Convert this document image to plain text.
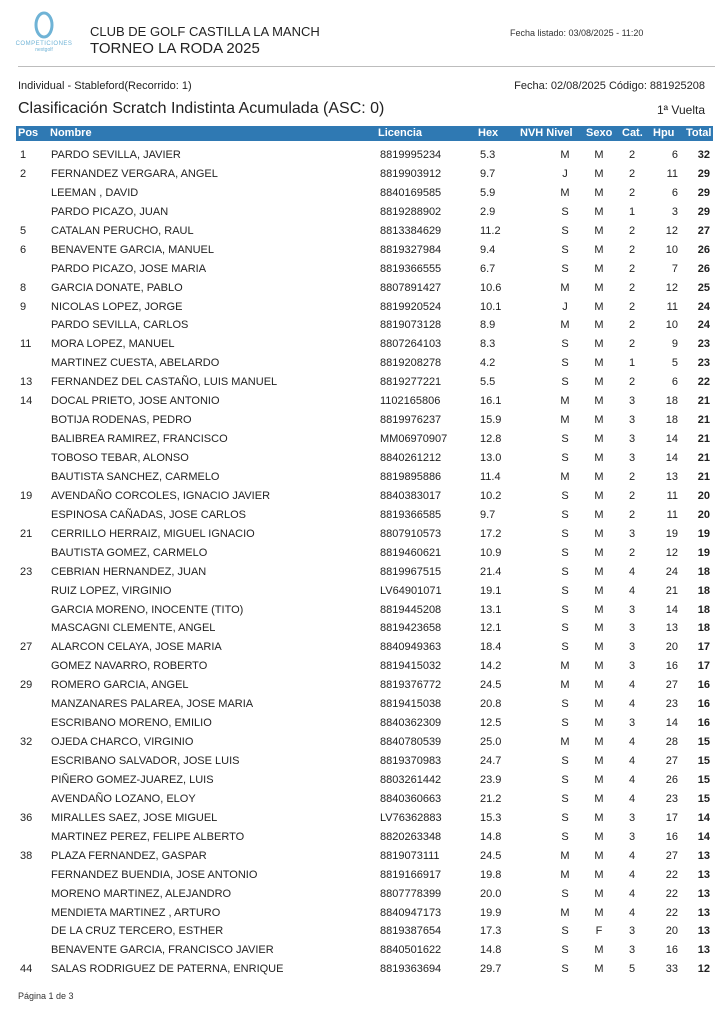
COMPETICIONES
nextgolf
CLUB DE GOLF CASTILLA LA MANCH
TORNEO LA RODA 2025
Fecha listado: 03/08/2025 - 11:20
Individual - Stableford(Recorrido: 1)	Fecha: 02/08/2025 Código: 881925208
Clasificación Scratch Indistinta Acumulada (ASC: 0)	1ª Vuelta
Pos Nombre	Licencia	Hex NVH Nivel Sexo Cat. Hpu Total
1 PARDO SEVILLA, JAVIER	8819995234	5.3	M	M	2	6	32
2 FERNANDEZ VERGARA, ANGEL	8819903912	9.7	J	M	2	11	29
LEEMAN , DAVID	8840169585	5.9	M	M	2	6	29
PARDO PICAZO, JUAN	8819288902	2.9	S	M	1	3	29
5 CATALAN PERUCHO, RAUL	8813384629	11.2	S	M	2	12	27
6 BENAVENTE GARCIA, MANUEL	8819327984	9.4	S	M	2	10	26
PARDO PICAZO, JOSE MARIA	8819366555	6.7	S	M	2	7	26
8 GARCIA DONATE, PABLO	8807891427	10.6	M	M	2	12	25
9 NICOLAS LOPEZ, JORGE	8819920524	10.1	J	M	2	11	24
PARDO SEVILLA, CARLOS	8819073128	8.9	M	M	2	10	24
11 MORA LOPEZ, MANUEL	8807264103	8.3	S	M	2	9	23
MARTINEZ CUESTA, ABELARDO	8819208278	4.2	S	M	1	5	23
13 FERNANDEZ DEL CASTAÑO, LUIS MANUEL	8819277221	5.5	S	M	2	6	22
14 DOCAL PRIETO, JOSE ANTONIO	1102165806	16.1	M	M	3	18	21
BOTIJA RODENAS, PEDRO	8819976237	15.9	M	M	3	18	21
BALIBREA RAMIREZ, FRANCISCO	MM06970907	12.8	S	M	3	14	21
TOBOSO TEBAR, ALONSO	8840261212	13.0	S	M	3	14	21
BAUTISTA SANCHEZ, CARMELO	8819895886	11.4	M	M	2	13	21
19 AVENDAÑO CORCOLES, IGNACIO JAVIER	8840383017	10.2	S	M	2	11	20
ESPINOSA CAÑADAS, JOSE CARLOS	8819366585	9.7	S	M	2	11	20
21 CERRILLO HERRAIZ, MIGUEL IGNACIO	8807910573	17.2	S	M	3	19	19
BAUTISTA GOMEZ, CARMELO	8819460621	10.9	S	M	2	12	19
23 CEBRIAN HERNANDEZ, JUAN	8819967515	21.4	S	M	4	24	18
RUIZ LOPEZ, VIRGINIO	LV64901071	19.1	S	M	4	21	18
GARCIA MORENO, INOCENTE (TITO)	8819445208	13.1	S	M	3	14	18
MASCAGNI CLEMENTE, ANGEL	8819423658	12.1	S	M	3	13	18
27 ALARCON CELAYA, JOSE MARIA	8840949363	18.4	S	M	3	20	17
GOMEZ NAVARRO, ROBERTO	8819415032	14.2	M	M	3	16	17
29 ROMERO GARCIA, ANGEL	8819376772	24.5	M	M	4	27	16
MANZANARES PALAREA, JOSE MARIA	8819415038	20.8	S	M	4	23	16
ESCRIBANO MORENO, EMILIO	8840362309	12.5	S	M	3	14	16
32 OJEDA CHARCO, VIRGINIO	8840780539	25.0	M	M	4	28	15
ESCRIBANO SALVADOR, JOSE LUIS	8819370983	24.7	S	M	4	27	15
PIÑERO GOMEZ-JUAREZ, LUIS	8803261442	23.9	S	M	4	26	15
AVENDAÑO LOZANO, ELOY	8840360663	21.2	S	M	4	23	15
36 MIRALLES SAEZ, JOSE MIGUEL	LV76362883	15.3	S	M	3	17	14
MARTINEZ PEREZ, FELIPE ALBERTO	8820263348	14.8	S	M	3	16	14
38 PLAZA FERNANDEZ, GASPAR	8819073111	24.5	M	M	4	27	13
FERNANDEZ BUENDIA, JOSE ANTONIO	8819166917	19.8	M	M	4	22	13
MORENO MARTINEZ, ALEJANDRO	8807778399	20.0	S	M	4	22	13
MENDIETA MARTINEZ , ARTURO	8840947173	19.9	M	M	4	22	13
DE LA CRUZ TERCERO, ESTHER	8819387654	17.3	S	F	3	20	13
BENAVENTE GARCIA, FRANCISCO JAVIER	8840501622	14.8	S	M	3	16	13
44 SALAS RODRIGUEZ DE PATERNA, ENRIQUE	8819363694	29.7	S	M	5	33	12
Página 1 de 3
